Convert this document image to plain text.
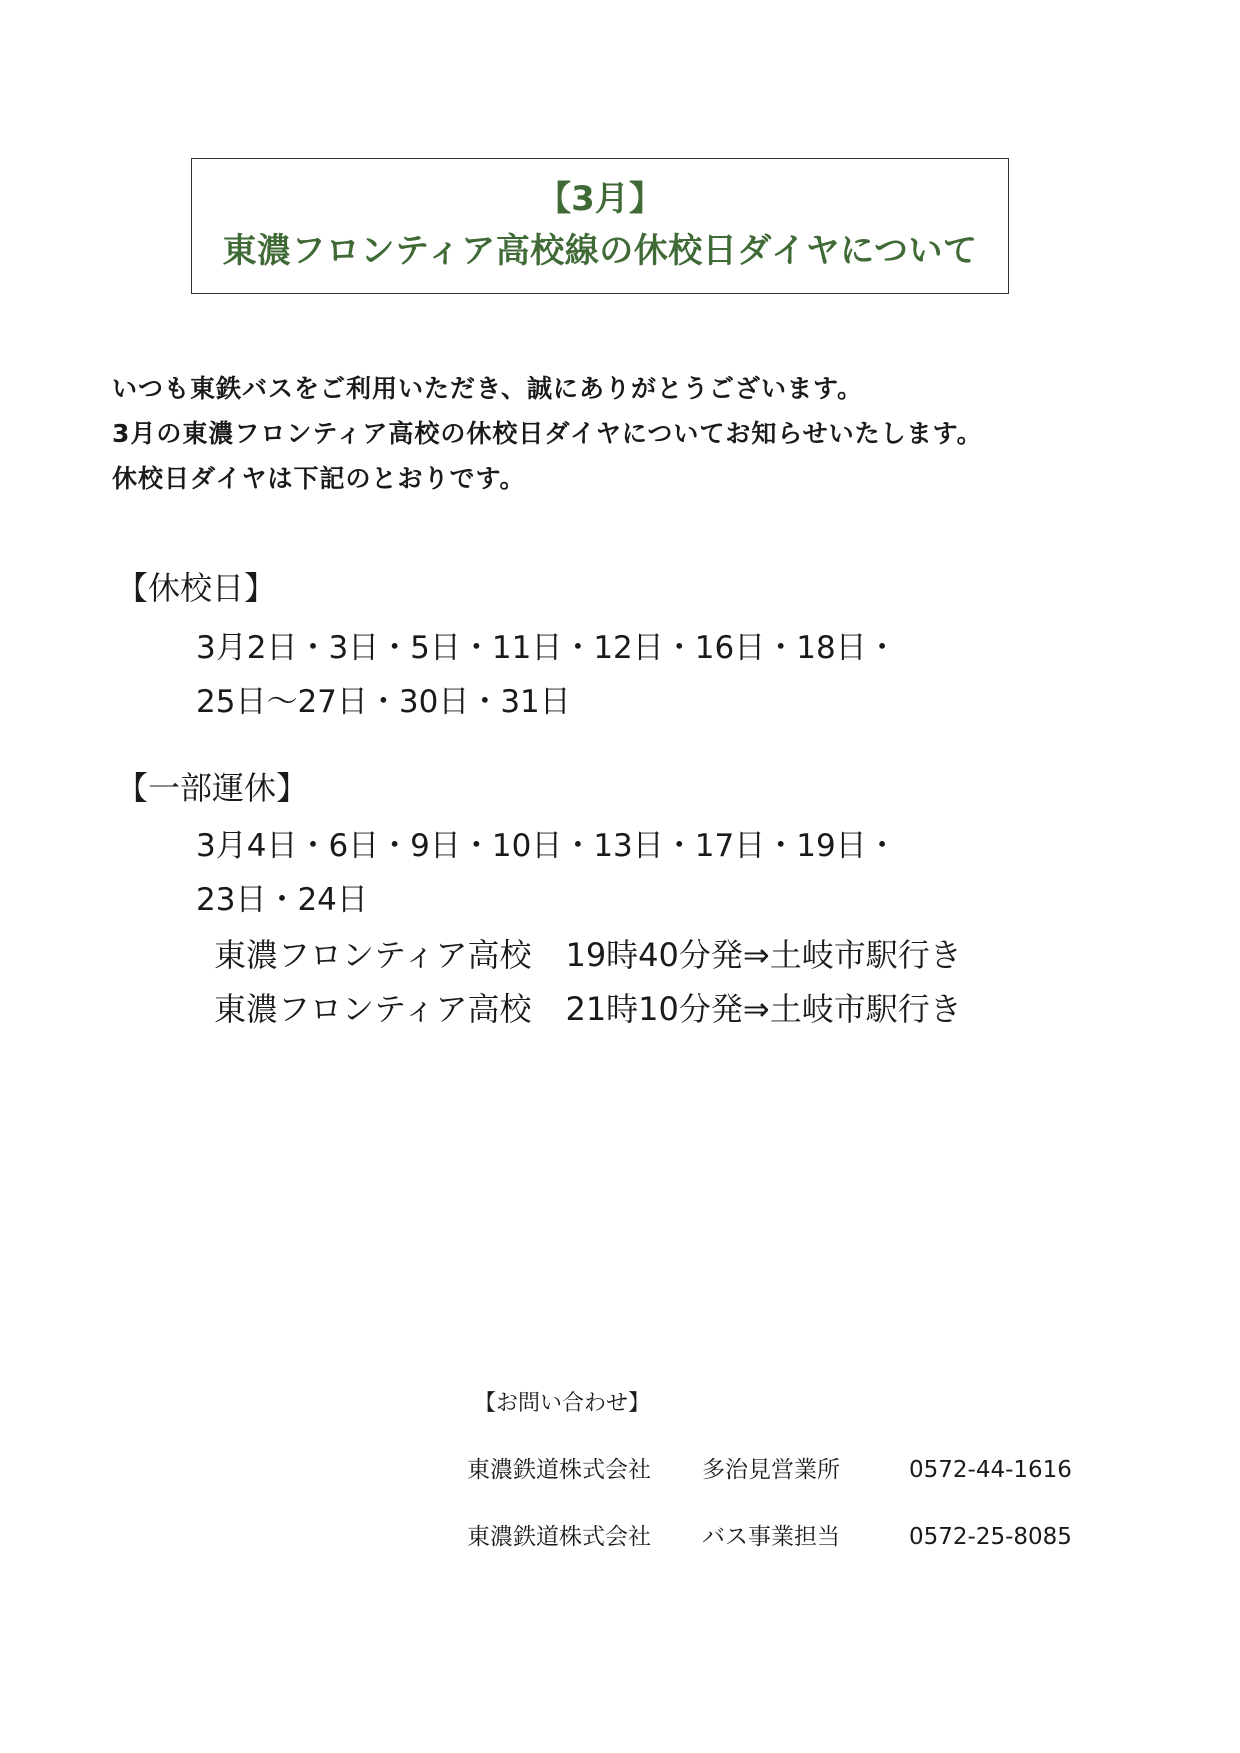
【3月】
東濃フロンティア高校線の休校日ダイヤについて
いつも東鉄バスをご利用いただき、誠にありがとうございます。
3月の東濃フロンティア高校の休校日ダイヤについてお知らせいたします。
休校日ダイヤは下記のとおりです。
【休校日】
3月2日・3日・5日・11日・12日・16日・18日・
25日～27日・30日・31日
【一部運休】
3月4日・6日・9日・10日・13日・17日・19日・
23日・24日
東濃フロンティア高校 19時40分発⇒土岐市駅行き
東濃フロンティア高校 21時10分発⇒土岐市駅行き
【お問い合わせ】
東濃鉄道株式会社 多治見営業所	0572-44-1616
東濃鉄道株式会社 バス事業担当	0572-25-8085
